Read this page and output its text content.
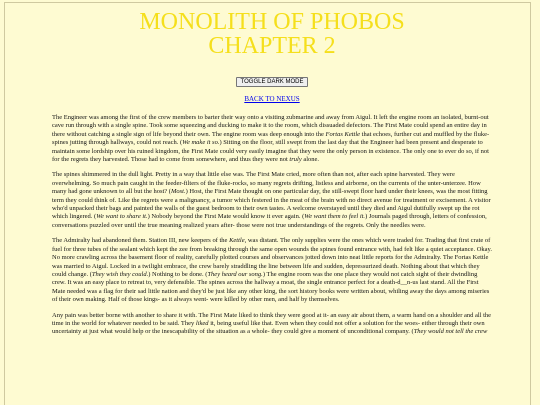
MONOLITH OF PHOBOS
CHAPTER 2
TOGGLE DARK MODE
BACK TO NEXUS

The Engineer was among the first of the crew members to barter their way onto a visiting zubmarine and away from Aigul. It left the engine room an isolated, burnt-out cave run through with a single spine. Took some squeezing and ducking to make it to the room, which dissuaded defectors. The First Mate could spend an entire day in there without catching a single sign of life beyond their own. The engine room was deep enough into the Fortas Kettle that echoes, further cut and muffled by the fluke-spines jutting through hallways, could not reach. (We make it so.) Sitting on the floor, still swept from the last day that the Engineer had been present and desperate to maintain some lordship over his ruined kingdom, the First Mate could very easily imagine that they were the only person in existence. The only one to ever do so, if not for the regrets they harvested. Those had to come from somewhere, and thus they were not truly alone.

The spines shimmered in the dull light. Pretty in a way that little else was. The First Mate cried, more often than not, after each spine harvested. They were overwhelming. So much pain caught in the feeder-filters of the fluke-rocks, so many regrets drifting, listless and airborne, on the currents of the unter-unterzee. How many had gone unknown to all but the host? (Most.) Host, the First Mate thought on one particular day, the still-swept floor hard under their knees, was the most fitting term they could think of. Like the regrets were a malignancy, a tumor which festered in the meat of the brain with no direct avenue for treatment or excisement. A visitor who'd unpacked their bags and painted the walls of the guest bedroom to their own tastes. A welcome overstayed until they died and Aigul dutifully swept up the rot which lingered. (We want to share it.) Nobody beyond the First Mate would know it ever again. (We want them to feel it.) Journals paged through, letters of confession, conversations puzzled over until the true meaning realized years after- those were not true understandings of the regrets. Only the needles were.

The Admiralty had abandoned them. Station III, new keepers of the Kettle, was distant. The only supplies were the ones which were traded for. Trading that first crate of fuel for three tubes of the sealant which kept the zee from breaking through the same open wounds the spines found entrance with, had felt like a quiet acceptance. Okay. No more crawling across the basement floor of reality, carefully plotted courses and observances jotted down into neat little reports for the Admiralty. The Fortas Kettle was married to Aigul. Locked in a twilight embrace, the crew barely straddling the line between life and sudden, depressurized death. Nothing about that which they could change. (They wish they could.) Nothing to be done. (They heard our song.) The engine room was the one place they would not catch sight of their dwindling crew. It was an easy place to retreat to, very defensible. The spines across the hallway a moat, the single entrance perfect for a death-d__n-us last stand. All the First Mate needed was a flag for their sad little nation and they'd be just like any other king, the sort history books were written about, whiling away the days among miseries of their own making. Half of those kings- as it always went- were killed by other men, and half by themselves.

Any pain was better borne with another to share it with. The First Mate liked to think they were good at it- an easy air about them, a warm hand on a shoulder and all the time in the world for whatever needed to be said. They liked it, being useful like that. Even when they could not offer a solution for the woes- either through their own uncertainty at just what would help or the inescapability of the situation as a whole- they could give a moment of unconditional company. (They would not tell the crew
